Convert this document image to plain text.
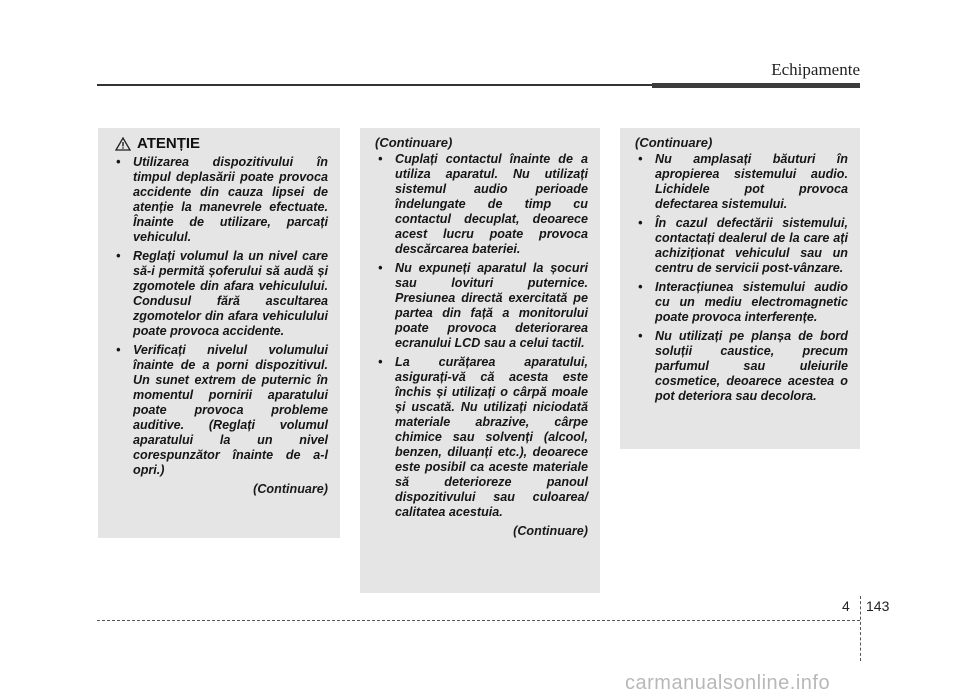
Echipamente
ATENȚIE
• Utilizarea dispozitivului în timpul deplasării poate provoca accidente din cauza lipsei de atenție la manevrele efectuate. Înainte de utilizare, parcați vehiculul.
• Reglați volumul la un nivel care să-i permită șoferului să audă și zgomotele din afara vehiculului. Condusul fără ascultarea zgomotelor din afara vehiculului poate provoca accidente.
• Verificați nivelul volumului înainte de a porni dispozitivul. Un sunet extrem de puternic în momentul pornirii aparatului poate provoca probleme auditive. (Reglați volumul aparatului la un nivel corespunzător înainte de a-l opri.)
(Continuare)
(Continuare)
• Cuplați contactul înainte de a utiliza aparatul. Nu utilizați sistemul audio perioade îndelungate de timp cu contactul decuplat, deoarece acest lucru poate provoca descărcarea bateriei.
• Nu expuneți aparatul la șocuri sau lovituri puternice. Presiunea directă exercitată pe partea din față a monitorului poate provoca deteriorarea ecranului LCD sau a celui tactil.
• La curățarea aparatului, asigurați-vă că acesta este închis și utilizați o cârpă moale și uscată. Nu utilizați niciodată materiale abrazive, cârpe chimice sau solvenți (alcool, benzen, diluanți etc.), deoarece este posibil ca aceste materiale să deterioreze panoul dispozitivului sau culoarea/ calitatea acestuia.
(Continuare)
(Continuare)
• Nu amplasați băuturi în apropierea sistemului audio. Lichidele pot provoca defectarea sistemului.
• În cazul defectării sistemului, contactați dealerul de la care ați achiziționat vehiculul sau un centru de servicii post-vânzare.
• Interacțiunea sistemului audio cu un mediu electromagnetic poate provoca interferențe.
• Nu utilizați pe planșa de bord soluții caustice, precum parfumul sau uleiurile cosmetice, deoarece acestea o pot deteriora sau decolora.
4 143
carmanualsonline.info
